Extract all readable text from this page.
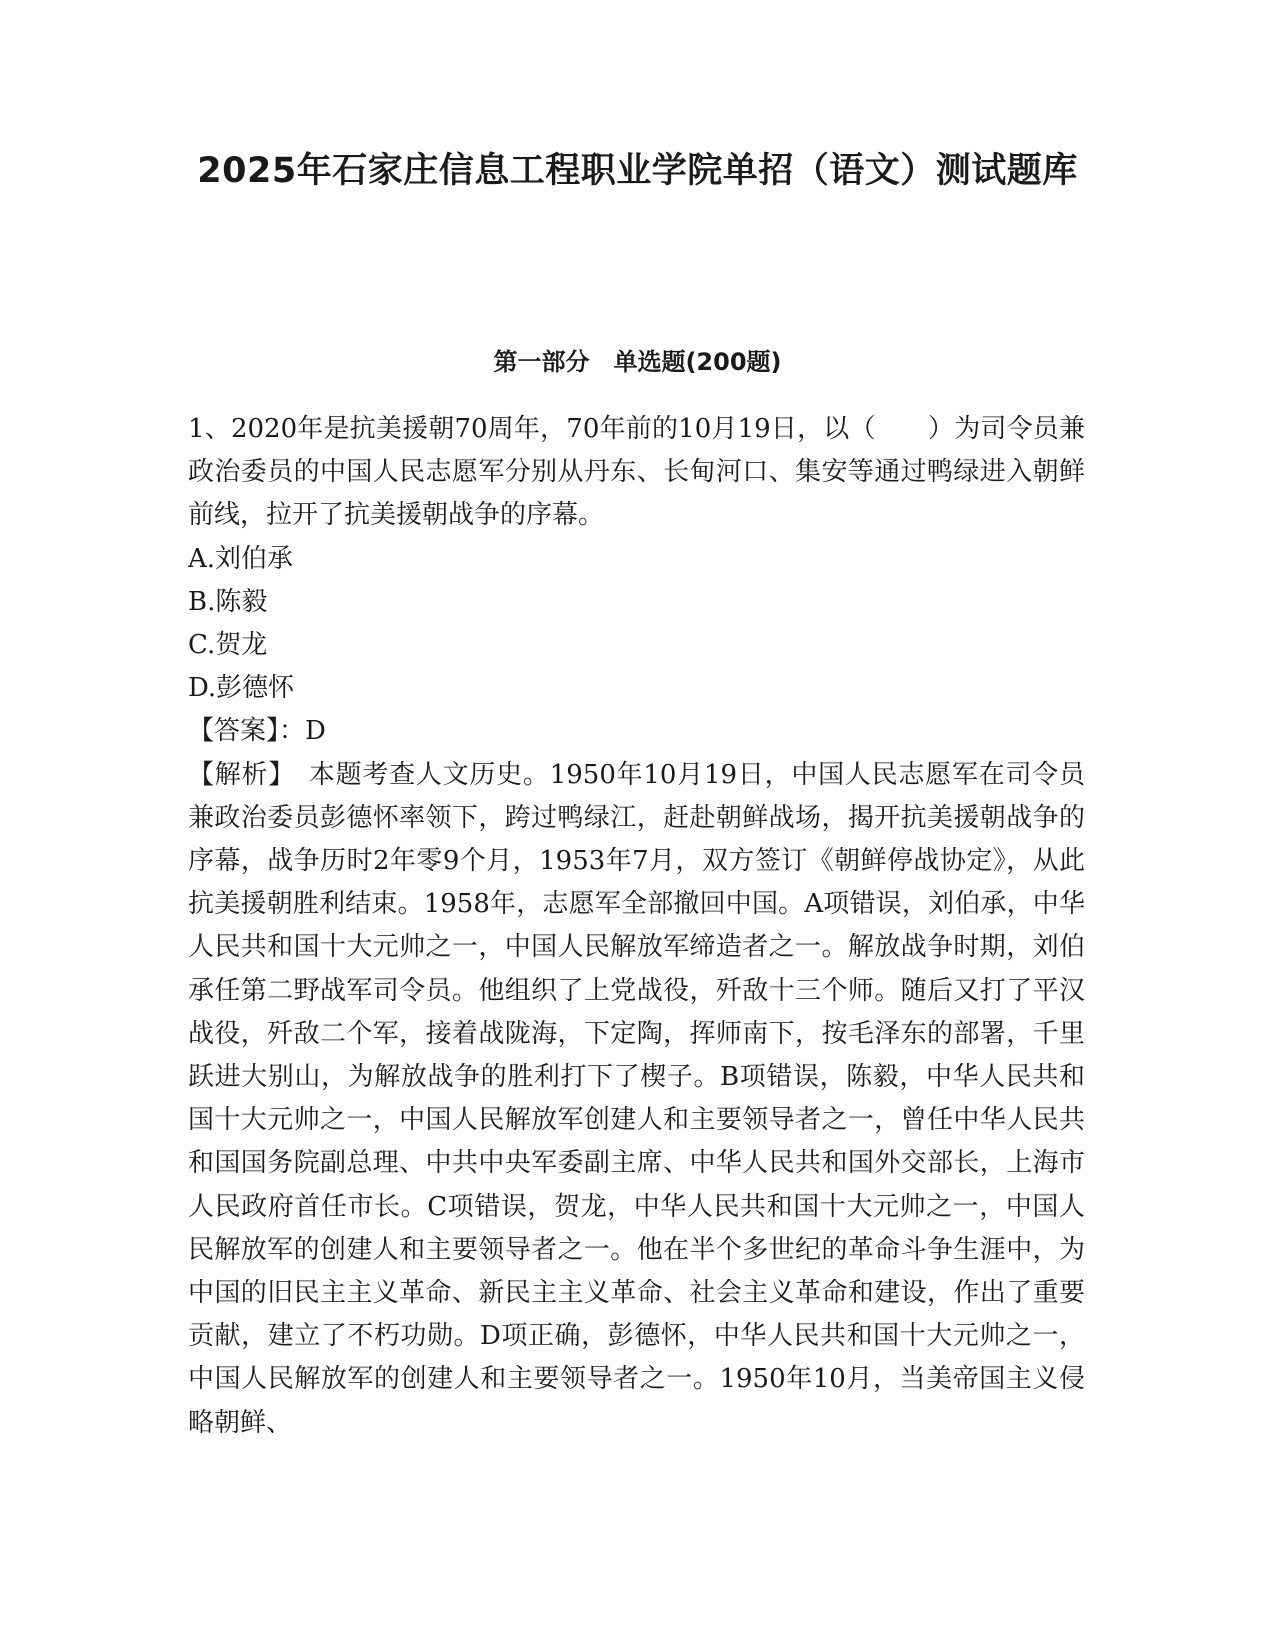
2025年石家庄信息工程职业学院单招（语文）测试题库
第一部分　单选题(200题)

1、2020年是抗美援朝70周年，70年前的10月19日，以（　　）为司令员兼政治委员的中国人民志愿军分别从丹东、长甸河口、集安等通过鸭绿进入朝鲜前线，拉开了抗美援朝战争的序幕。

A.刘伯承
B.陈毅
C.贺龙
D.彭德怀

【答案】：D

【解析】　本题考查人文历史。1950年10月19日，中国人民志愿军在司令员兼政治委员彭德怀率领下，跨过鸭绿江，赶赴朝鲜战场，揭开抗美援朝战争的序幕，战争历时2年零9个月，1953年7月，双方签订《朝鲜停战协定》，从此抗美援朝胜利结束。1958年，志愿军全部撤回中国。A项错误，刘伯承，中华人民共和国十大元帅之一，中国人民解放军缔造者之一。解放战争时期，刘伯承任第二野战军司令员。他组织了上党战役，歼敌十三个师。随后又打了平汉战役，歼敌二个军，接着战陇海，下定陶，挥师南下，按毛泽东的部署，千里跃进大别山，为解放战争的胜利打下了楔子。B项错误，陈毅，中华人民共和国十大元帅之一，中国人民解放军创建人和主要领导者之一，曾任中华人民共和国国务院副总理、中共中央军委副主席、中华人民共和国外交部长，上海市人民政府首任市长。C项错误，贺龙，中华人民共和国十大元帅之一，中国人民解放军的创建人和主要领导者之一。他在半个多世纪的革命斗争生涯中，为中国的旧民主主义革命、新民主主义革命、社会主义革命和建设，作出了重要贡献，建立了不朽功勋。D项正确，彭德怀，中华人民共和国十大元帅之一，中国人民解放军的创建人和主要领导者之一。1950年10月，当美帝国主义侵略朝鲜、
